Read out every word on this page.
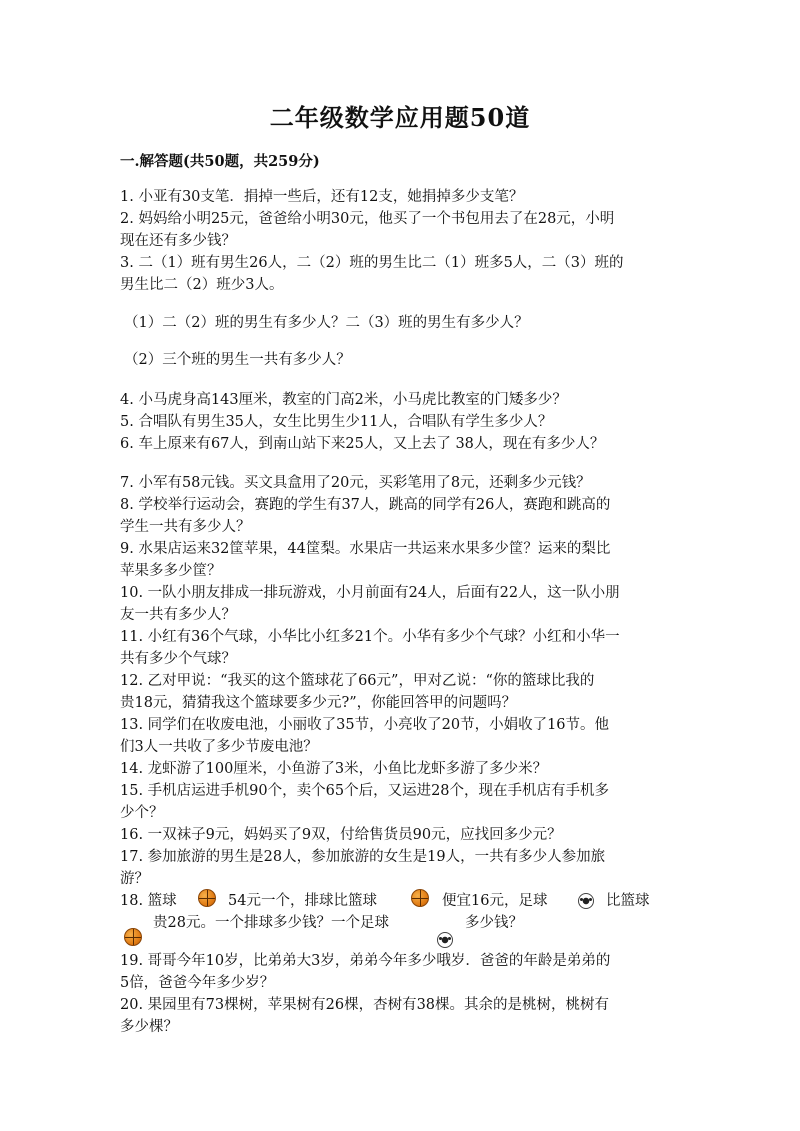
二年级数学应用题50道
一.解答题(共50题，共259分)
1. 小亚有30支笔．捐掉一些后，还有12支，她捐掉多少支笔？
2. 妈妈给小明25元，爸爸给小明30元，他买了一个书包用去了在28元，小明
现在还有多少钱？
3. 二（1）班有男生26人，二（2）班的男生比二（1）班多5人，二（3）班的
男生比二（2）班少3人。
（1）二（2）班的男生有多少人？二（3）班的男生有多少人？
（2）三个班的男生一共有多少人？
4. 小马虎身高143厘米，教室的门高2米，小马虎比教室的门矮多少？
5. 合唱队有男生35人，女生比男生少11人，合唱队有学生多少人？
6. 车上原来有67人，到南山站下来25人，又上去了 38人，现在有多少人？
7. 小军有58元钱。买文具盒用了20元，买彩笔用了8元，还剩多少元钱？
8. 学校举行运动会，赛跑的学生有37人，跳高的同学有26人，赛跑和跳高的
学生一共有多少人？
9. 水果店运来32筐苹果，44筐梨。水果店一共运来水果多少筐？运来的梨比
苹果多多少筐？
10. 一队小朋友排成一排玩游戏，小月前面有24人，后面有22人，这一队小朋
友一共有多少人？
11. 小红有36个气球，小华比小红多21个。小华有多少个气球？小红和小华一
共有多少个气球？
12. 乙对甲说：“我买的这个篮球花了66元”，甲对乙说：“你的篮球比我的
贵18元，猜猜我这个篮球要多少元?”，你能回答甲的问题吗？
13. 同学们在收废电池，小丽收了35节，小亮收了20节，小娟收了16节。他
们3人一共收了多少节废电池？
14. 龙虾游了100厘米，小鱼游了3米，小鱼比龙虾多游了多少米？
15. 手机店运进手机90个，卖个65个后，又运进28个，现在手机店有手机多
少个？
16. 一双袜子9元，妈妈买了9双，付给售货员90元，应找回多少元？
17. 参加旅游的男生是28人，参加旅游的女生是19人，一共有多少人参加旅
游？
18. 篮球	54元一个，排球比篮球	便宜16元，足球	比篮球
贵28元。一个排球多少钱？一个足球	多少钱？
19. 哥哥今年10岁，比弟弟大3岁，弟弟今年多少哦岁．爸爸的年龄是弟弟的
5倍，爸爸今年多少岁？
20. 果园里有73棵树，苹果树有26棵，杏树有38棵。其余的是桃树，桃树有
多少棵？
